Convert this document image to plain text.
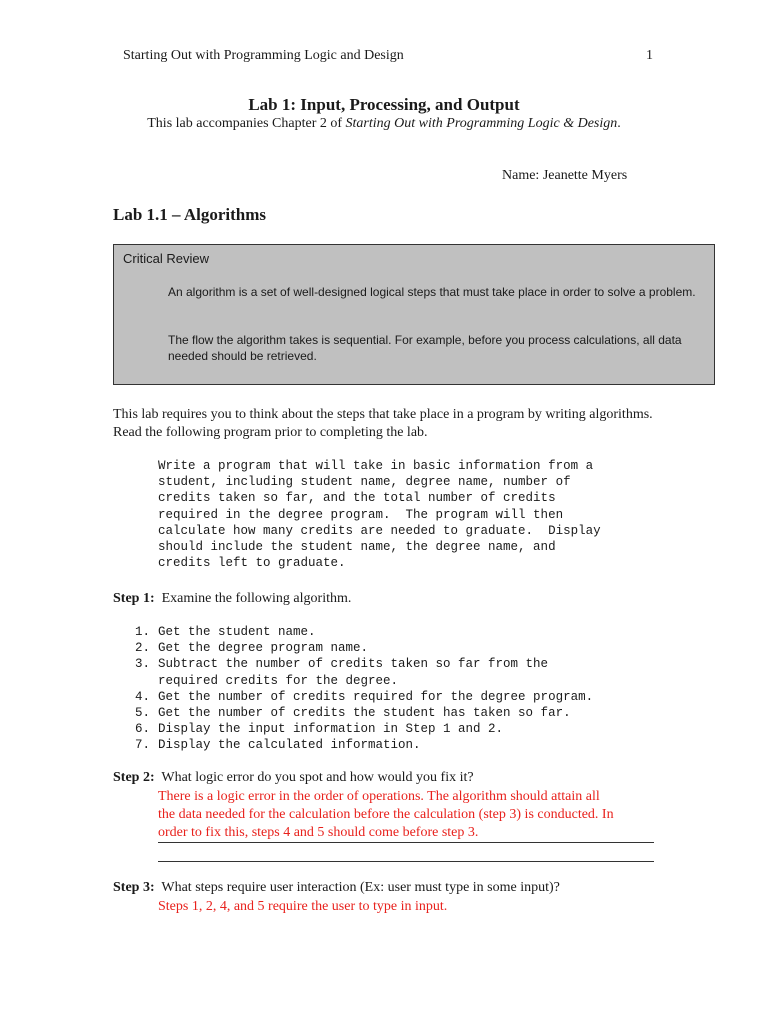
Starting Out with Programming Logic and Design	1
Lab 1: Input, Processing, and Output
This lab accompanies Chapter 2 of Starting Out with Programming Logic & Design.
Name: Jeanette Myers
Lab 1.1 – Algorithms
Critical Review
An algorithm is a set of well-designed logical steps that must take place in order to solve a problem.
The flow the algorithm takes is sequential. For example, before you process calculations, all data needed should be retrieved.
This lab requires you to think about the steps that take place in a program by writing algorithms. Read the following program prior to completing the lab.
Write a program that will take in basic information from a
student, including student name, degree name, number of
credits taken so far, and the total number of credits
required in the degree program.  The program will then
calculate how many credits are needed to graduate.  Display
should include the student name, the degree name, and
credits left to graduate.
Step 1:  Examine the following algorithm.
1. Get the student name.
2. Get the degree program name.
3. Subtract the number of credits taken so far from the
required credits for the degree.
4. Get the number of credits required for the degree program.
5. Get the number of credits the student has taken so far.
6. Display the input information in Step 1 and 2.
7. Display the calculated information.
Step 2:  What logic error do you spot and how would you fix it?
There is a logic error in the order of operations. The algorithm should attain all
the data needed for the calculation before the calculation (step 3) is conducted. In
order to fix this, steps 4 and 5 should come before step 3.
Step 3:  What steps require user interaction (Ex: user must type in some input)?
Steps 1, 2, 4, and 5 require the user to type in input.
